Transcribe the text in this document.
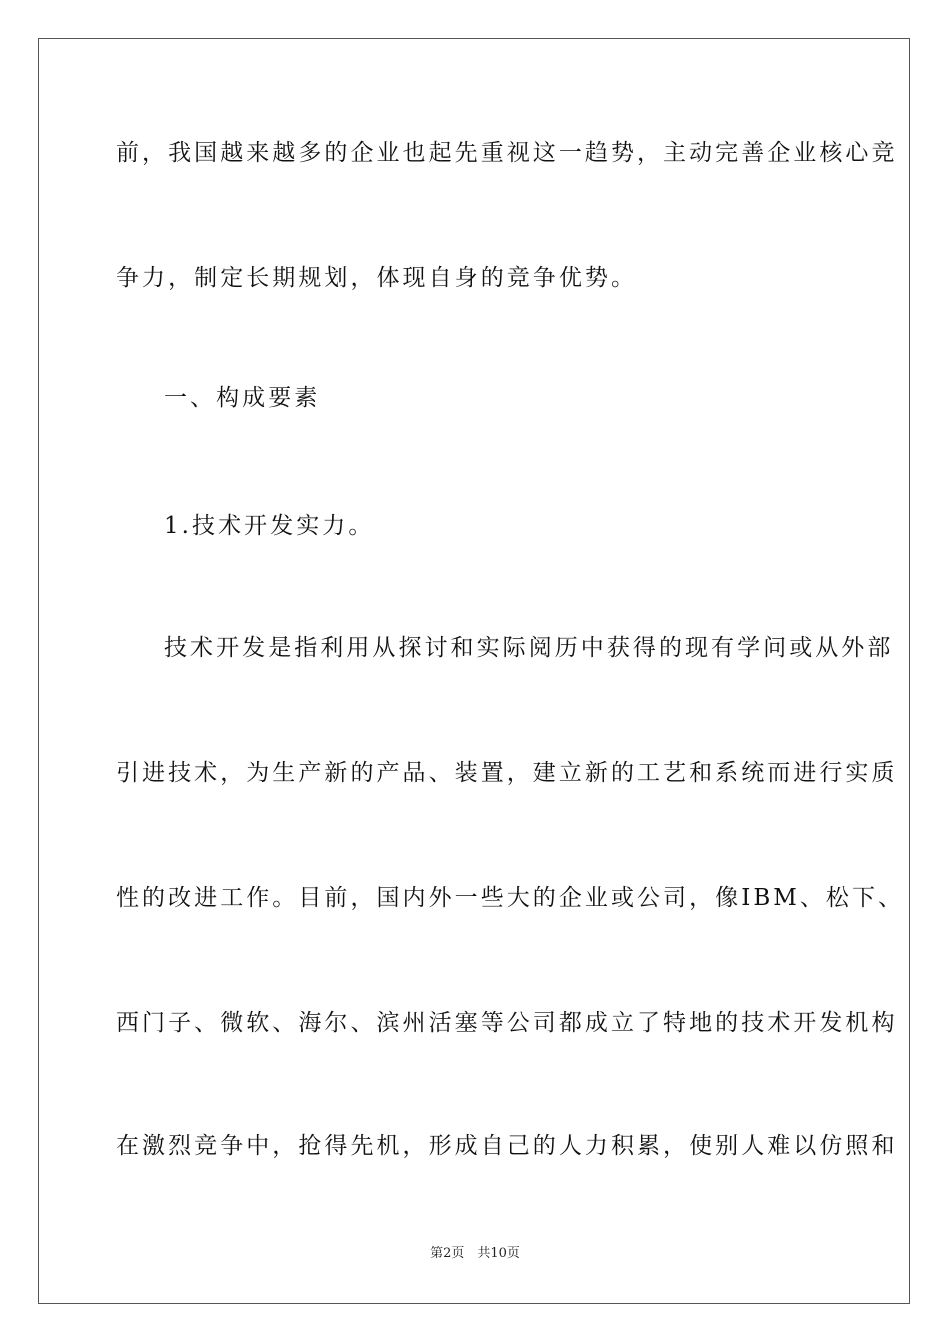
前，我国越来越多的企业也起先重视这一趋势，主动完善企业核心竞
争力，制定长期规划，体现自身的竞争优势。
一、构成要素
1.技术开发实力。
技术开发是指利用从探讨和实际阅历中获得的现有学问或从外部
引进技术，为生产新的产品、装置，建立新的工艺和系统而进行实质
性的改进工作。目前，国内外一些大的企业或公司，像IBM、松下、
西门子、微软、海尔、滨州活塞等公司都成立了特地的技术开发机构
在激烈竞争中，抢得先机，形成自己的人力积累，使别人难以仿照和
第2页　共10页
